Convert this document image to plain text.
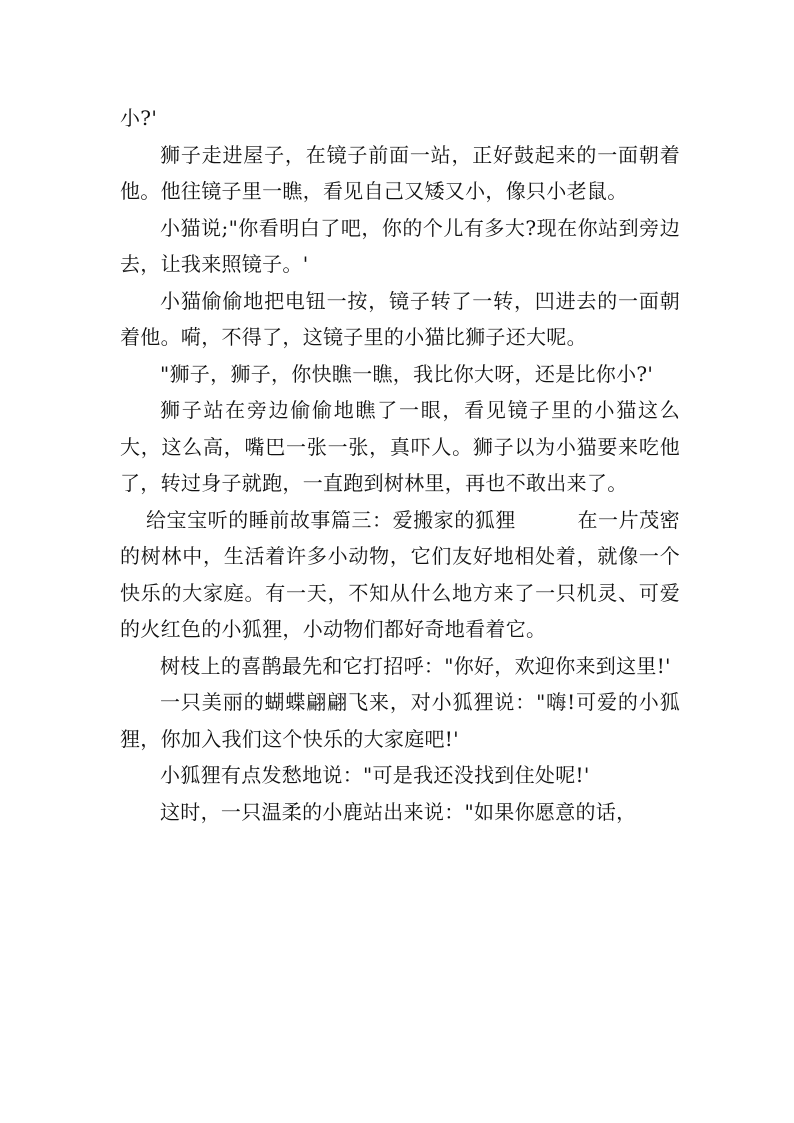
小?'

狮子走进屋子，在镜子前面一站，正好鼓起来的一面朝着他。他往镜子里一瞧，看见自己又矮又小，像只小老鼠。

小猫说;"你看明白了吧，你的个儿有多大?现在你站到旁边去，让我来照镜子。'

小猫偷偷地把电钮一按，镜子转了一转，凹进去的一面朝着他。嗬，不得了，这镜子里的小猫比狮子还大呢。

"狮子，狮子，你快瞧一瞧，我比你大呀，还是比你小?'

狮子站在旁边偷偷地瞧了一眼，看见镜子里的小猫这么大，这么高，嘴巴一张一张，真吓人。狮子以为小猫要来吃他了，转过身子就跑，一直跑到树林里，再也不敢出来了。

给宝宝听的睡前故事篇三：爱搬家的狐狸　　　在一片茂密的树林中，生活着许多小动物，它们友好地相处着，就像一个快乐的大家庭。有一天，不知从什么地方来了一只机灵、可爱的火红色的小狐狸，小动物们都好奇地看着它。

树枝上的喜鹊最先和它打招呼："你好，欢迎你来到这里!'

一只美丽的蝴蝶翩翩飞来，对小狐狸说："嗨!可爱的小狐狸，你加入我们这个快乐的大家庭吧!'

小狐狸有点发愁地说："可是我还没找到住处呢!'

这时，一只温柔的小鹿站出来说："如果你愿意的话，
